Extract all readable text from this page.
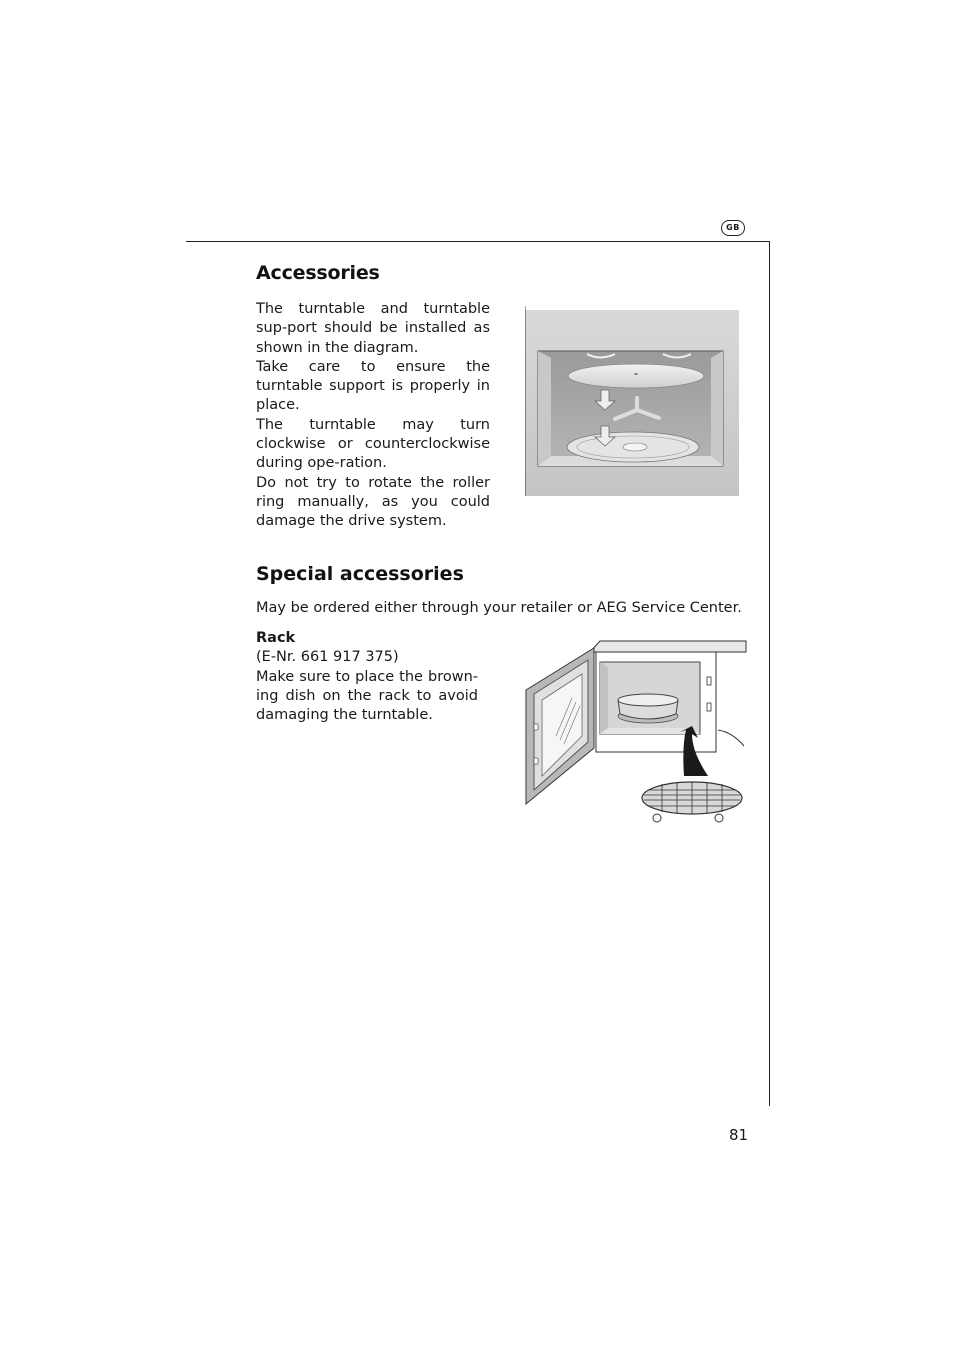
GB
Accessories

The turntable and turntable sup-port should be installed as shown in the diagram.

Take care to ensure the turntable support is properly in place.

The turntable may turn clockwise or counterclockwise during ope-ration.

Do not try to rotate the roller ring manually, as you could damage the drive system.

Special accessories

May be ordered either through your retailer or AEG Service Center.

Rack

(E-Nr. 661 917 375)

Make sure to place the brown-ing dish on the rack to avoid damaging the turntable.

81
